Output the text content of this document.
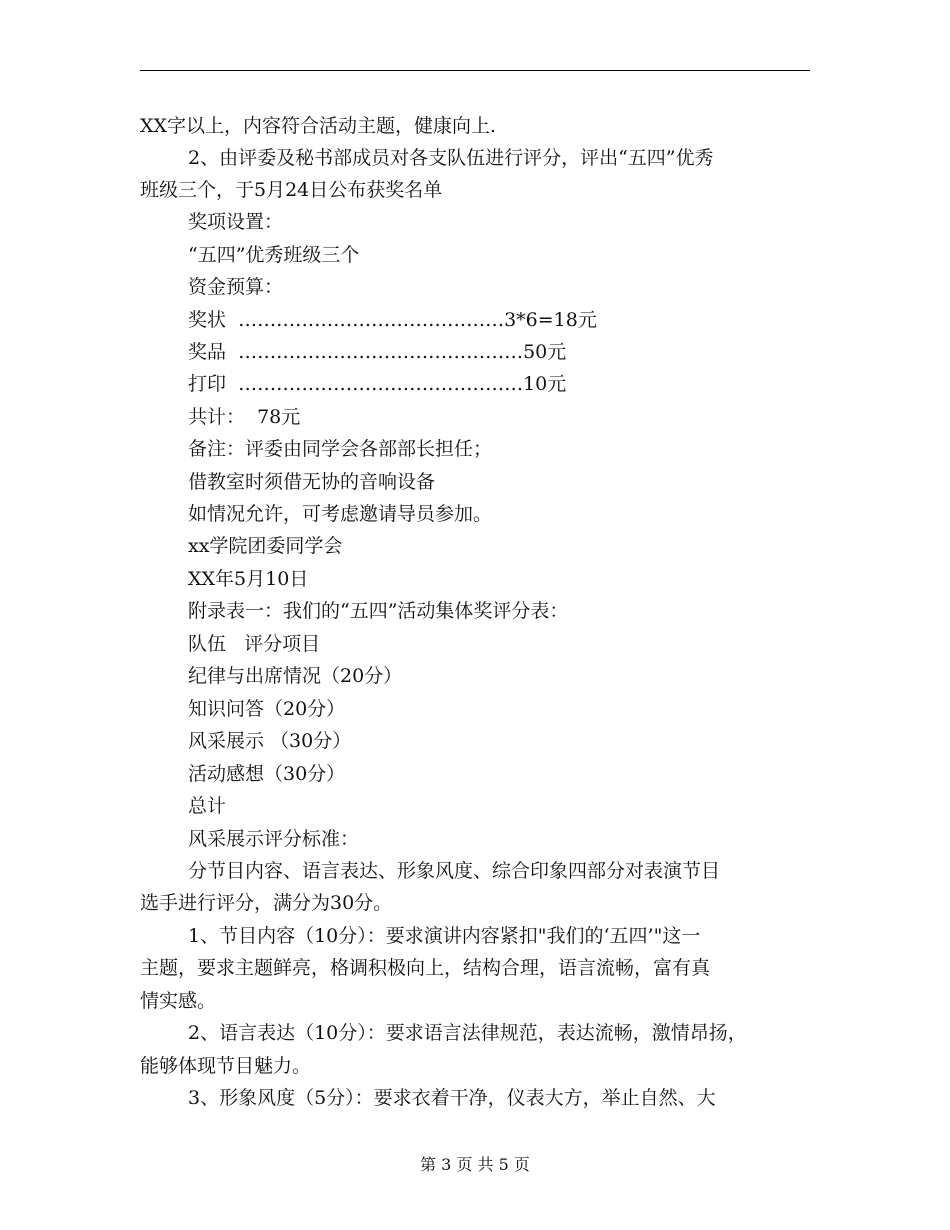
XX字以上，内容符合活动主题，健康向上.

2、由评委及秘书部成员对各支队伍进行评分，评出“五四”优秀

班级三个，于5月24日公布获奖名单

奖项设置：

“五四”优秀班级三个

资金预算：

奖状  ……………………………………3*6=18元

奖品  ………………………………………50元

打印  ………………………………………10元

共计：  78元

备注：评委由同学会各部部长担任；

借教室时须借无协的音响设备

如情况允许，可考虑邀请导员参加。

xx学院团委同学会

XX年5月10日

附录表一：我们的“五四”活动集体奖评分表：

队伍   评分项目

纪律与出席情况（20分）

知识问答（20分）

风采展示 （30分）

活动感想（30分）

总计

风采展示评分标准：

分节目内容、语言表达、形象风度、综合印象四部分对表演节目

选手进行评分，满分为30分。

1、节目内容（10分）：要求演讲内容紧扣"我们的‘五四’"这一

主题，要求主题鲜亮，格调积极向上，结构合理，语言流畅，富有真

情实感。

2、语言表达（10分）：要求语言法律规范，表达流畅，激情昂扬，

能够体现节目魅力。

3、形象风度（5分）：要求衣着干净，仪表大方，举止自然、大

第 3 页 共 5 页
